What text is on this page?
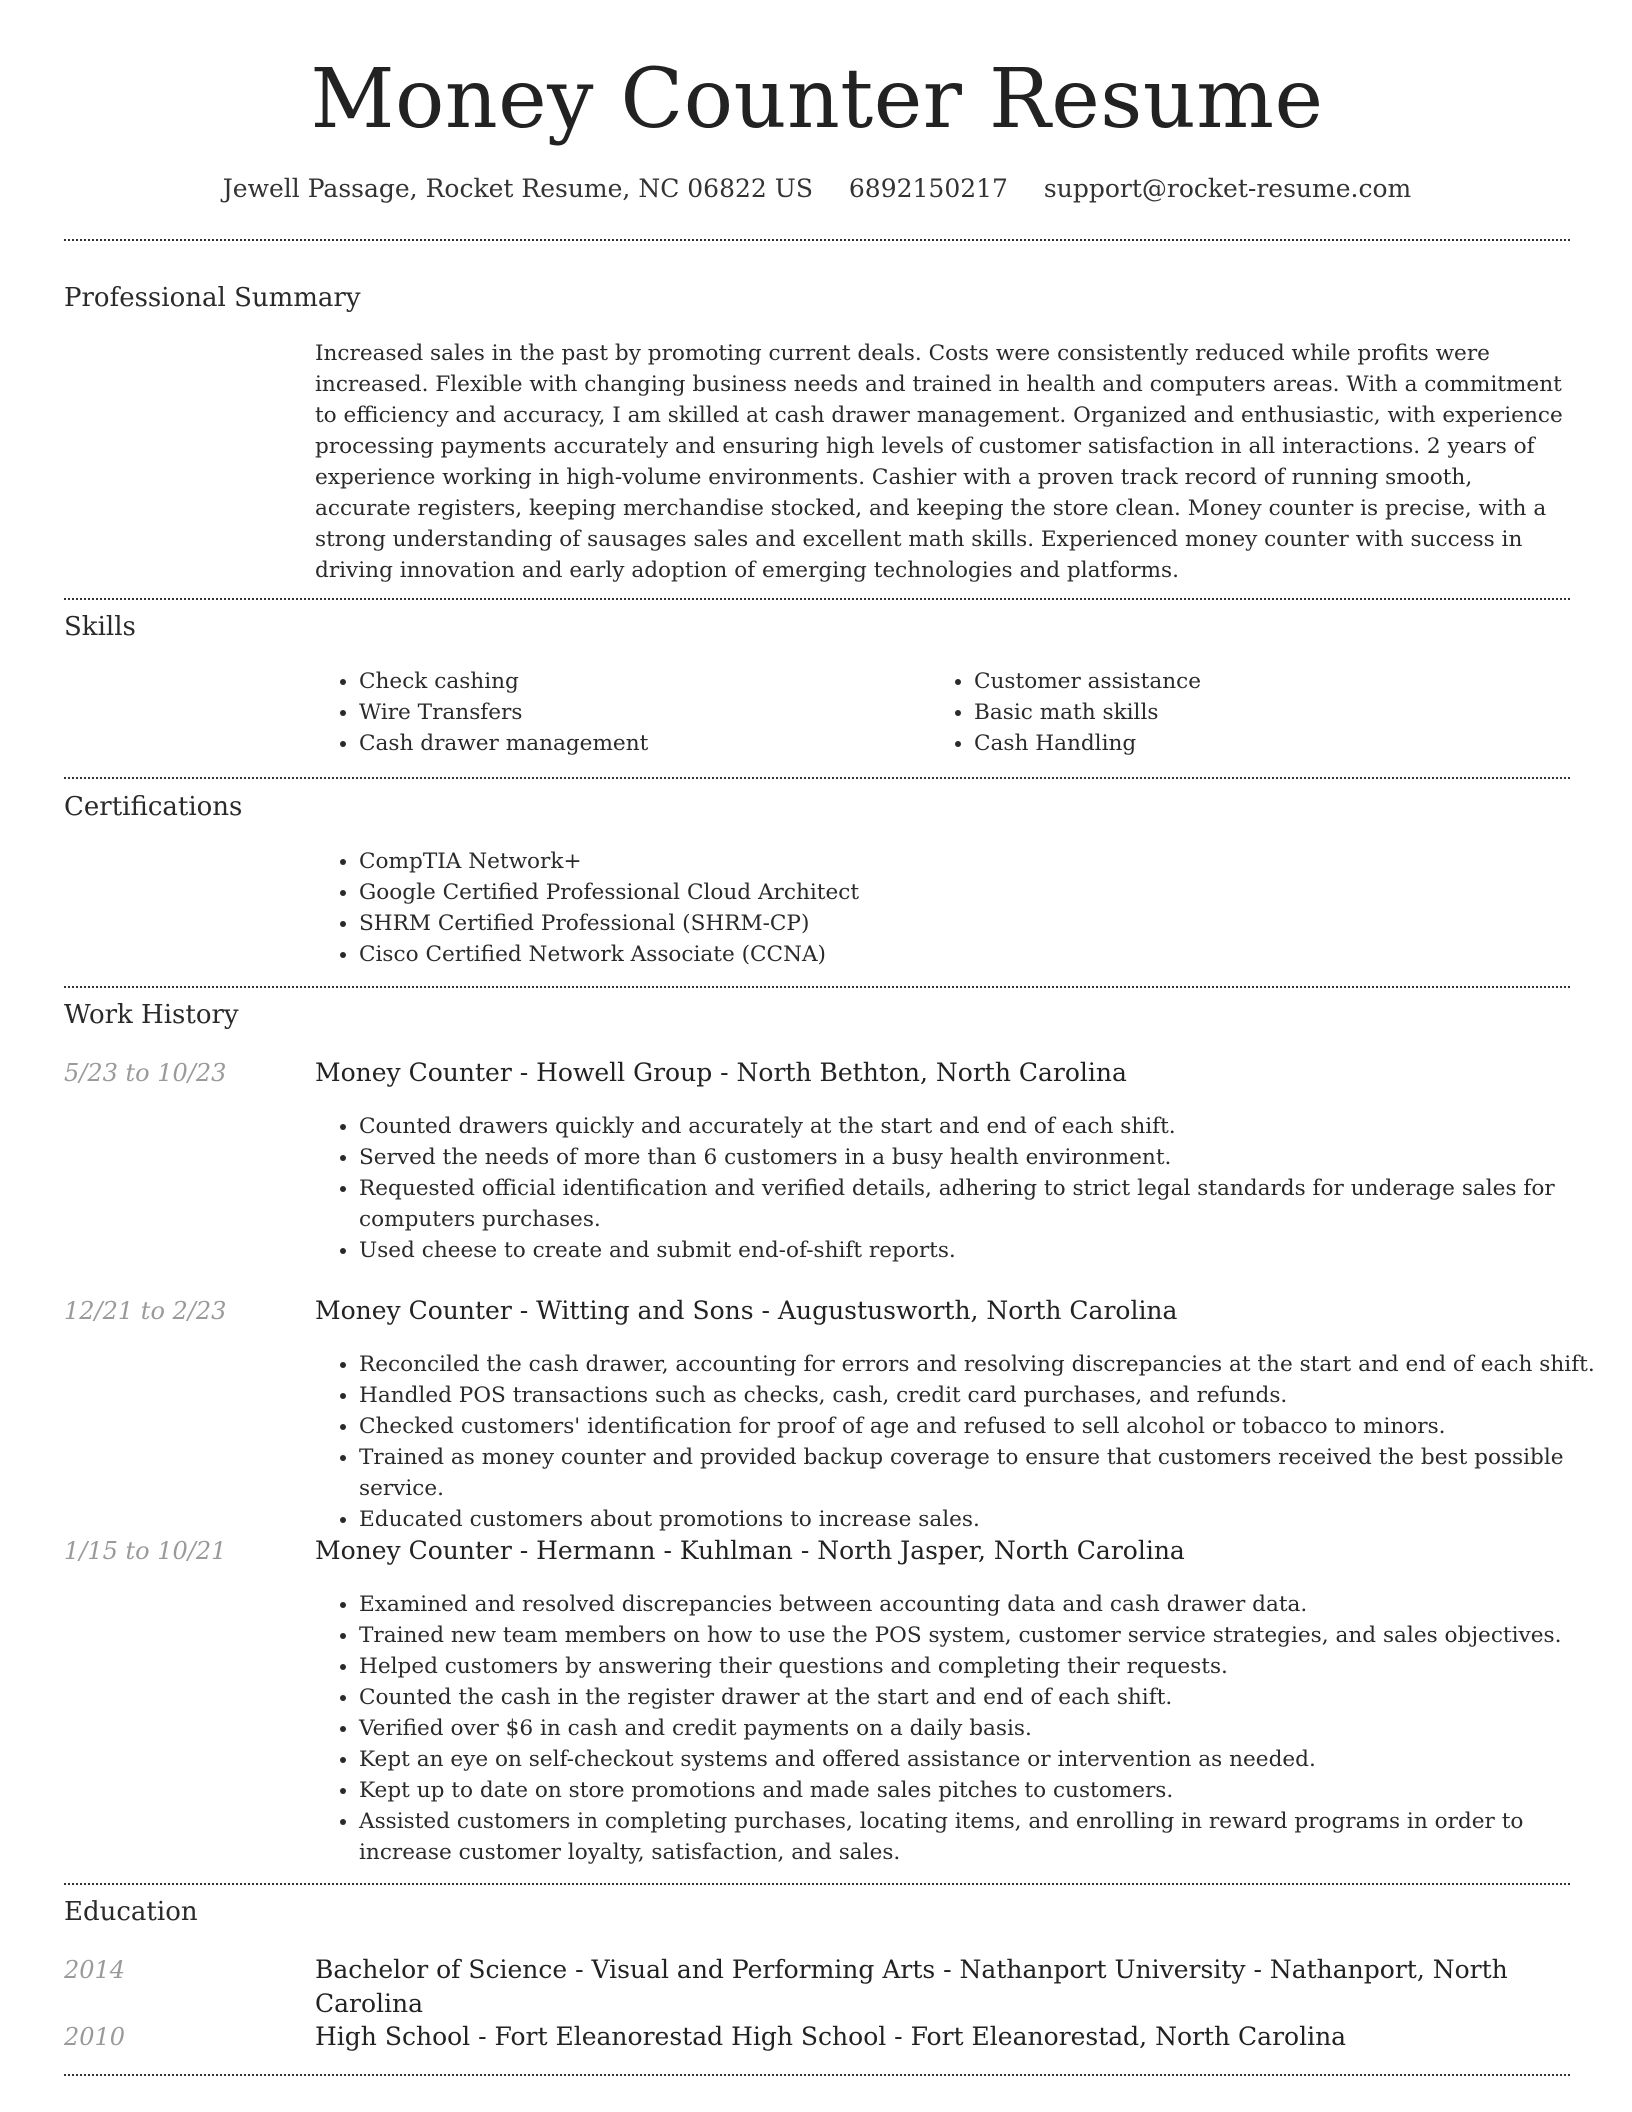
Money Counter Resume
Jewell Passage, Rocket Resume, NC 06822 US 6892150217 support@rocket-resume.com
Professional Summary

Increased sales in the past by promoting current deals. Costs were consistently reduced while profits were increased. Flexible with changing business needs and trained in health and computers areas. With a commitment to efficiency and accuracy, I am skilled at cash drawer management. Organized and enthusiastic, with experience processing payments accurately and ensuring high levels of customer satisfaction in all interactions. 2 years of experience working in high-volume environments. Cashier with a proven track record of running smooth, accurate registers, keeping merchandise stocked, and keeping the store clean. Money counter is precise, with a strong understanding of sausages sales and excellent math skills. Experienced money counter with success in driving innovation and early adoption of emerging technologies and platforms.

Skills
• Check cashing
• Wire Transfers
• Cash drawer management
• Customer assistance
• Basic math skills
• Cash Handling
Certifications
• CompTIA Network+
• Google Certified Professional Cloud Architect
• SHRM Certified Professional (SHRM-CP)
• Cisco Certified Network Associate (CCNA)
Work History
5/23 to 10/23	Money Counter - Howell Group - North Bethton, North Carolina
• Counted drawers quickly and accurately at the start and end of each shift.
• Served the needs of more than 6 customers in a busy health environment.
• Requested official identification and verified details, adhering to strict legal standards for underage sales for computers purchases.
• Used cheese to create and submit end-of-shift reports.
12/21 to 2/23	Money Counter - Witting and Sons - Augustusworth, North Carolina
• Reconciled the cash drawer, accounting for errors and resolving discrepancies at the start and end of each shift.
• Handled POS transactions such as checks, cash, credit card purchases, and refunds.
• Checked customers' identification for proof of age and refused to sell alcohol or tobacco to minors.
• Trained as money counter and provided backup coverage to ensure that customers received the best possible service.
• Educated customers about promotions to increase sales.
1/15 to 10/21	Money Counter - Hermann - Kuhlman - North Jasper, North Carolina
• Examined and resolved discrepancies between accounting data and cash drawer data.
• Trained new team members on how to use the POS system, customer service strategies, and sales objectives.
• Helped customers by answering their questions and completing their requests.
• Counted the cash in the register drawer at the start and end of each shift.
• Verified over $6 in cash and credit payments on a daily basis.
• Kept an eye on self-checkout systems and offered assistance or intervention as needed.
• Kept up to date on store promotions and made sales pitches to customers.
• Assisted customers in completing purchases, locating items, and enrolling in reward programs in order to increase customer loyalty, satisfaction, and sales.
Education
2014	Bachelor of Science - Visual and Performing Arts - Nathanport University - Nathanport, North Carolina
2010	High School - Fort Eleanorestad High School - Fort Eleanorestad, North Carolina
